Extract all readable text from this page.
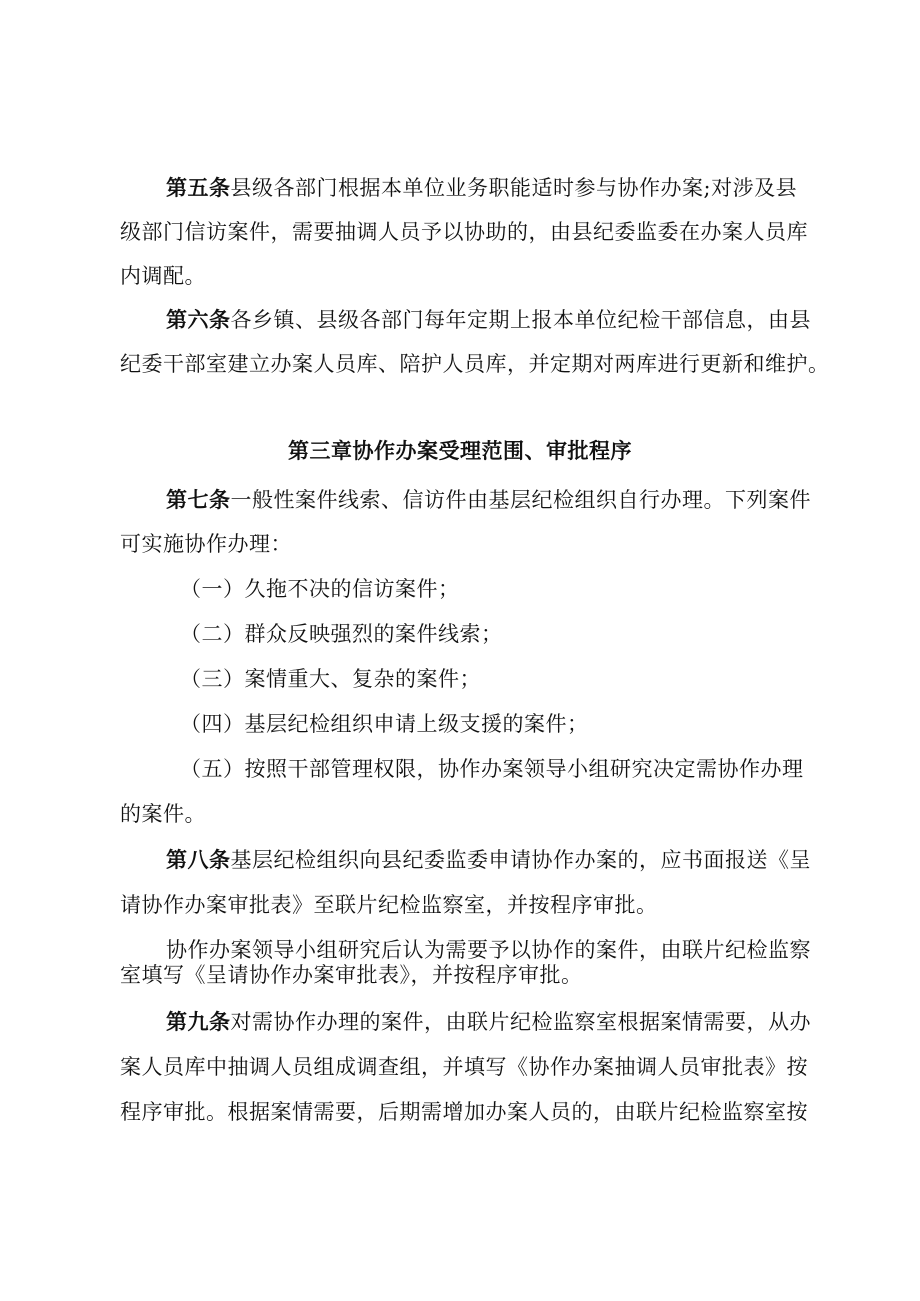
第五条县级各部门根据本单位业务职能适时参与协作办案;对涉及县
级部门信访案件，需要抽调人员予以协助的，由县纪委监委在办案人员库
内调配。
第六条各乡镇、县级各部门每年定期上报本单位纪检干部信息，由县
纪委干部室建立办案人员库、陪护人员库，并定期对两库进行更新和维护。
第三章协作办案受理范围、审批程序
第七条一般性案件线索、信访件由基层纪检组织自行办理。下列案件
可实施协作办理：
（一）久拖不决的信访案件；
（二）群众反映强烈的案件线索；
（三）案情重大、复杂的案件；
（四）基层纪检组织申请上级支援的案件；
（五）按照干部管理权限，协作办案领导小组研究决定需协作办理
的案件。
第八条基层纪检组织向县纪委监委申请协作办案的，应书面报送《呈
请协作办案审批表》至联片纪检监察室，并按程序审批。
协作办案领导小组研究后认为需要予以协作的案件，由联片纪检监察
室填写《呈请协作办案审批表》，并按程序审批。
第九条对需协作办理的案件，由联片纪检监察室根据案情需要，从办
案人员库中抽调人员组成调查组，并填写《协作办案抽调人员审批表》按
程序审批。根据案情需要，后期需增加办案人员的，由联片纪检监察室按
